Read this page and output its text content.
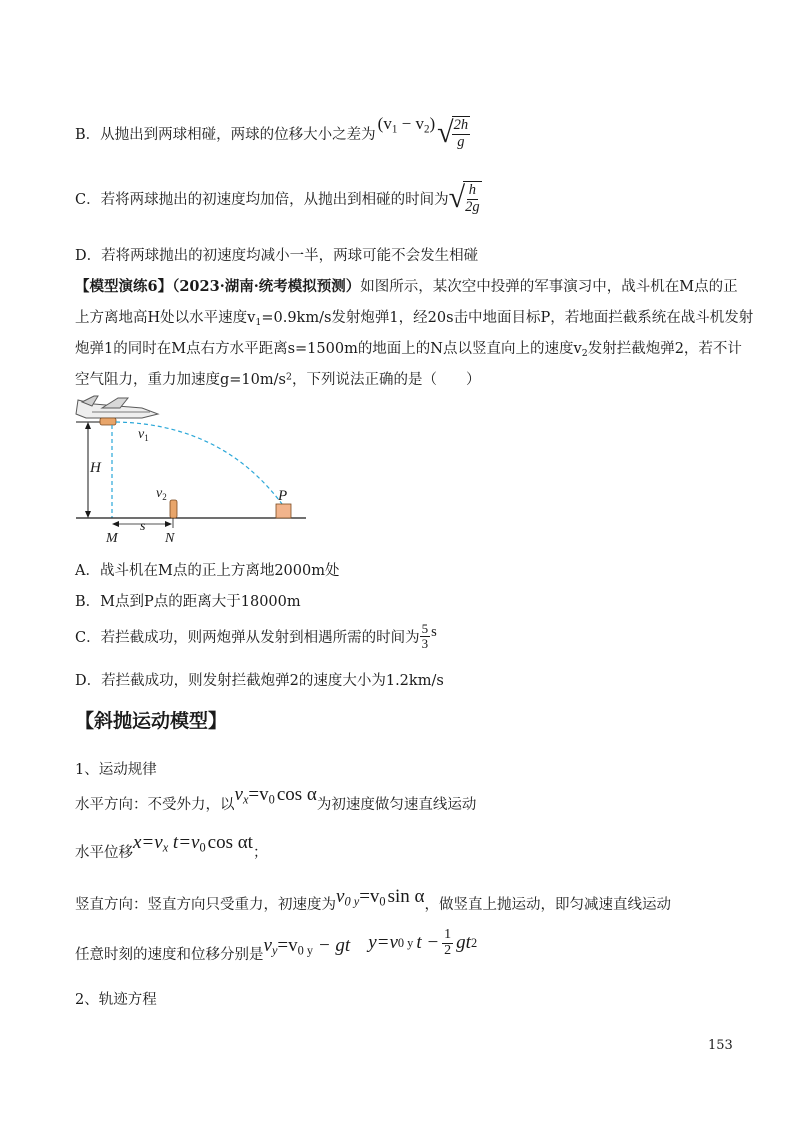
B．从抛出到两球相碰，两球的位移大小之差为
$(v_1 - v_2)$ √
$\frac{2h}{g}$
C．若将两球抛出的初速度均加倍，从抛出到相碰的时间为 √
$\frac{h}{2g}$
D．若将两球抛出的初速度均减小一半，两球可能不会发生相碰
【模型演练6】（2023·湖南·统考模拟预测）如图所示，某次空中投弹的军事演习中，战斗机在M点的正
上方离地高H处以水平速度$v_1=0.9km/s$发射炮弹1，经20s击中地面目标P，若地面拦截系统在战斗机发射
炮弹1的同时在M点右方水平距离s=1500m的地面上的N点以竖直向上的速度$v_2$发射拦截炮弹2，若不计
空气阻力，重力加速度$g=10m/s^2$，下列说法正确的是（　　）
$v_1$
H
$v_2$	P
s
M	N
A．战斗机在M点的正上方离地2000m处
B．M点到P点的距离大于18000m
C．若拦截成功，则两炮弹从发射到相遇所需的时间为 $\frac{5}{3}$ s
D．若拦截成功，则发射拦截炮弹2的速度大小为1.2km/s
【斜抛运动模型】
1、运动规律
水平方向：不受外力，以 $v_x=v_0$ cos α 为初速度做匀速直线运动
水平位移 $x=v_x$ $t=v_0$ cos αt ；
竖直方向：竖直方向只受重力，初速度为 $v_{0 y}=v_0$ sin α ，做竖直上抛运动，即匀减速直线运动
任意时刻的速度和位移分别是 $v_y=v_{0 y}$ − gt y=v 0 y $t - \frac{1}{2}$ gt 2
2、轨迹方程
153
